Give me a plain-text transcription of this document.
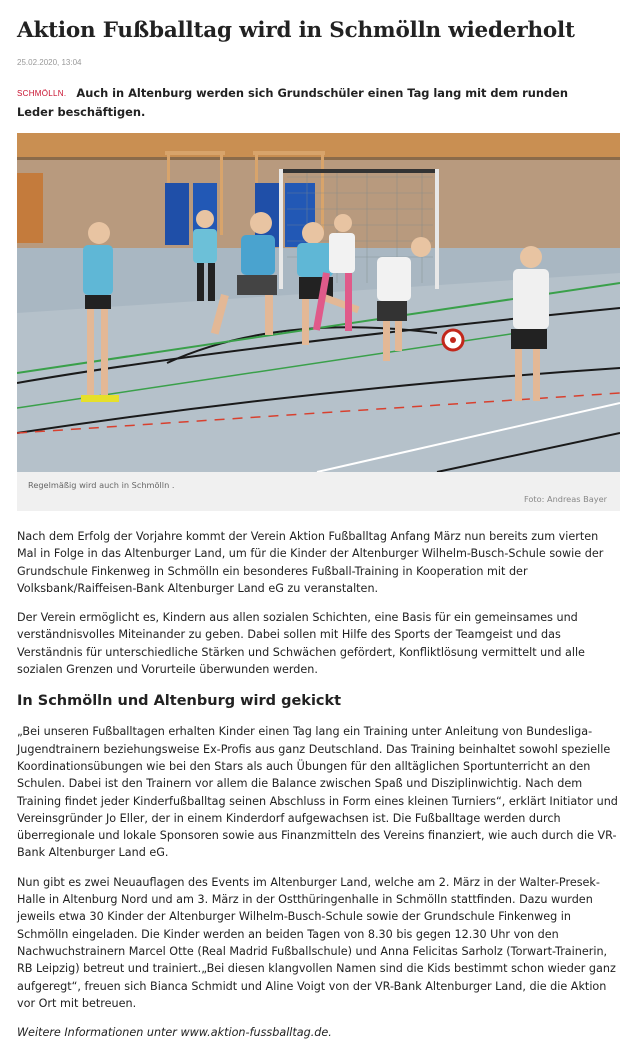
Aktion Fußballtag wird in Schmölln wiederholt
25.02.2020, 13:04
SCHMÖLLN. Auch in Altenburg werden sich Grundschüler einen Tag lang mit dem runden Leder beschäftigen.
Regelmäßig wird auch in Schmölln .
Foto: Andreas Bayer

Nach dem Erfolg der Vorjahre kommt der Verein Aktion Fußballtag Anfang März nun bereits zum vierten Mal in Folge in das Altenburger Land, um für die Kinder der Altenburger Wilhelm-Busch-Schule sowie der Grundschule Finkenweg in Schmölln ein besonderes Fußball-Training in Kooperation mit der Volksbank/Raiffeisen-Bank Altenburger Land eG zu veranstalten.

Der Verein ermöglicht es, Kindern aus allen sozialen Schichten, eine Basis für ein gemeinsames und verständnisvolles Miteinander zu geben. Dabei sollen mit Hilfe des Sports der Teamgeist und das Verständnis für unterschiedliche Stärken und Schwächen gefördert, Konfliktlösung vermittelt und alle sozialen Grenzen und Vorurteile überwunden werden.

In Schmölln und Altenburg wird gekickt

„Bei unseren Fußballtagen erhalten Kinder einen Tag lang ein Training unter Anleitung von Bundesliga-Jugendtrainern beziehungsweise Ex-Profis aus ganz Deutschland. Das Training beinhaltet sowohl spezielle Koordinationsübungen wie bei den Stars als auch Übungen für den alltäglichen Sportunterricht an den Schulen. Dabei ist den Trainern vor allem die Balance zwischen Spaß und Disziplinwichtig. Nach dem Training findet jeder Kinderfußballtag seinen Abschluss in Form eines kleinen Turniers“, erklärt Initiator und Vereinsgründer Jo Eller, der in einem Kinderdorf aufgewachsen ist. Die Fußballtage werden durch überregionale und lokale Sponsoren sowie aus Finanzmitteln des Vereins finanziert, wie auch durch die VR-Bank Altenburger Land eG.

Nun gibt es zwei Neuauflagen des Events im Altenburger Land, welche am 2. März in der Walter-Presek-Halle in Altenburg Nord und am 3. März in der Ostthüringenhalle in Schmölln stattfinden. Dazu wurden jeweils etwa 30 Kinder der Altenburger Wilhelm-Busch-Schule sowie der Grundschule Finkenweg in Schmölln eingeladen. Die Kinder werden an beiden Tagen von 8.30 bis gegen 12.30 Uhr von den Nachwuchstrainern Marcel Otte (Real Madrid Fußballschule) und Anna Felicitas Sarholz (Torwart-Trainerin, RB Leipzig) betreut und trainiert.„Bei diesen klangvollen Namen sind die Kids bestimmt schon wieder ganz aufgeregt“, freuen sich Bianca Schmidt und Aline Voigt von der VR-Bank Altenburger Land, die die Aktion vor Ort mit betreuen.

Weitere Informationen unter www.aktion-fussballtag.de.
